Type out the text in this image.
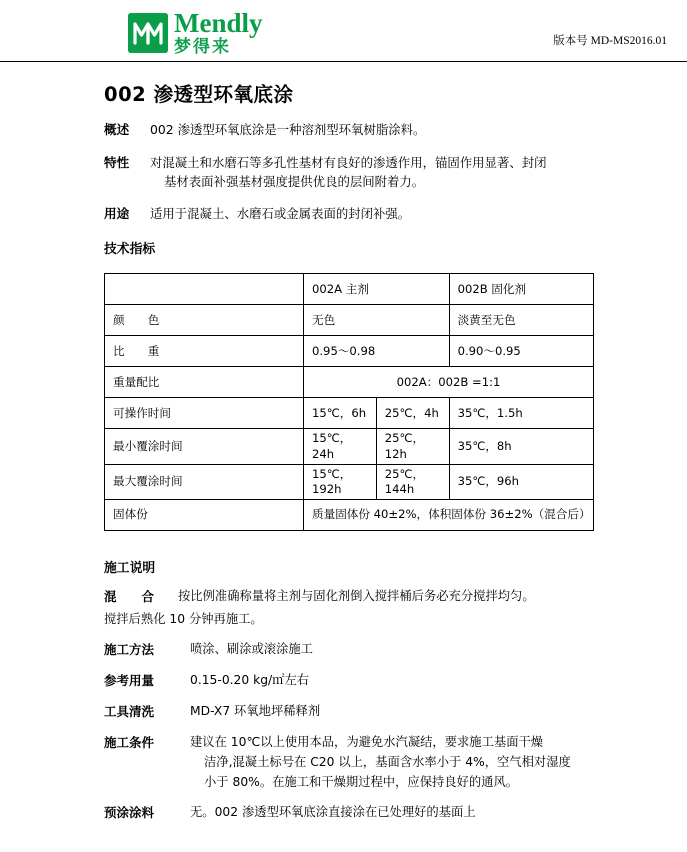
Mendly
梦得来	版本号 MD-MS2016.01
002 渗透型环氧底涂
概述	002 渗透型环氧底涂是一种溶剂型环氧树脂涂料。
特性	对混凝土和水磨石等多孔性基材有良好的渗透作用，锚固作用显著、封闭
基材表面补强基材强度提供优良的层间附着力。
用途	适用于混凝土、水磨石或金属表面的封闭补强。
技术指标
	002A 主剂		002B 固化剂
颜　　色	无色		淡黄至无色
比　　重	0.95～0.98		0.90～0.95
重量配比	002A：002B =1:1		
可操作时间	15℃，6h	25℃，4h	35℃，1.5h
最小覆涂时间	15℃，24h	25℃，12h	35℃，8h
最大覆涂时间	15℃，192h	25℃，144h	35℃，96h
固体份	质量固体份 40±2%，体积固体份 36±2%（混合后）		
施工说明
混　　合	按比例准确称量将主剂与固化剂倒入搅拌桶后务必充分搅拌均匀。
搅拌后熟化 10 分钟再施工。
施工方法	喷涂、刷涂或滚涂施工
参考用量	0.15-0.20 kg/㎡左右
工具清洗	MD-X7 环氧地坪稀释剂
施工条件	建议在 10℃以上使用本品，为避免水汽凝结，要求施工基面干燥
洁净,混凝土标号在 C20 以上，基面含水率小于 4%，空气相对湿度
小于 80%。在施工和干燥期过程中，应保持良好的通风。
预涂涂料	无。002 渗透型环氧底涂直接涂在已处理好的基面上
